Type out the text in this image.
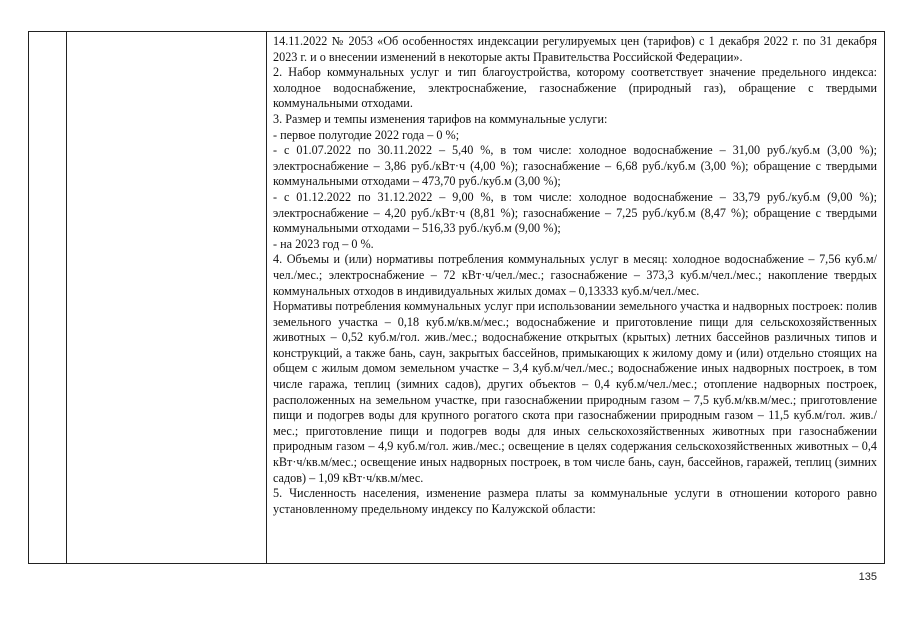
14.11.2022 № 2053 «Об особенностях индексации регулируемых цен (тарифов) с 1 декабря 2022 г. по 31 декабря 2023 г. и о внесении изменений в некоторые акты Правительства Российской Федерации».

2. Набор коммунальных услуг и тип благоустройства, которому соответствует значение предельного индекса: холодное водоснабжение, электроснабжение, газоснабжение (природный газ), обращение с твердыми коммунальными отходами.

3. Размер и темпы изменения тарифов на коммунальные услуги:

- первое полугодие 2022 года – 0 %;

- с 01.07.2022 по 30.11.2022 – 5,40 %, в том числе: холодное водоснабжение – 31,00 руб./куб.м (3,00 %); электроснабжение – 3,86 руб./кВт·ч (4,00 %); газоснабжение – 6,68 руб./куб.м (3,00 %); обращение с твердыми коммунальными отходами – 473,70 руб./куб.м (3,00 %);

- с 01.12.2022 по 31.12.2022 – 9,00 %, в том числе: холодное водоснабжение – 33,79 руб./куб.м (9,00 %); электроснабжение – 4,20 руб./кВт·ч (8,81 %); газоснабжение – 7,25 руб./куб.м (8,47 %); обращение с твердыми коммунальными отходами – 516,33 руб./куб.м (9,00 %);

- на 2023 год – 0 %.

4. Объемы и (или) нормативы потребления коммунальных услуг в месяц: холодное водоснабжение – 7,56 куб.м/чел./мес.; электроснабжение – 72 кВт·ч/чел./мес.; газоснабжение – 373,3 куб.м/чел./мес.; накопление твердых коммунальных отходов в индивидуальных жилых домах – 0,13333 куб.м/чел./мес.

Нормативы потребления коммунальных услуг при использовании земельного участка и надворных построек: полив земельного участка – 0,18 куб.м/кв.м/мес.; водоснабжение и приготовление пищи для сельскохозяйственных животных – 0,52 куб.м/гол. жив./мес.; водоснабжение открытых (крытых) летних бассейнов различных типов и конструкций, а также бань, саун, закрытых бассейнов, примыкающих к жилому дому и (или) отдельно стоящих на общем с жилым домом земельном участке – 3,4 куб.м/чел./мес.; водоснабжение иных надворных построек, в том числе гаража, теплиц (зимних садов), других объектов – 0,4 куб.м/чел./мес.; отопление надворных построек, расположенных на земельном участке, при газоснабжении природным газом – 7,5 куб.м/кв.м/мес.; приготовление пищи и подогрев воды для крупного рогатого скота при газоснабжении природным газом – 11,5 куб.м/гол. жив./мес.; приготовление пищи и подогрев воды для иных сельскохозяйственных животных при газоснабжении природным газом – 4,9 куб.м/гол. жив./мес.; освещение в целях содержания сельскохозяйственных животных – 0,4 кВт·ч/кв.м/мес.; освещение иных надворных построек, в том числе бань, саун, бассейнов, гаражей, теплиц (зимних садов) – 1,09 кВт·ч/кв.м/мес.

5. Численность населения, изменение размера платы за коммунальные услуги в отношении которого равно установленному предельному индексу по Калужской области:

135
